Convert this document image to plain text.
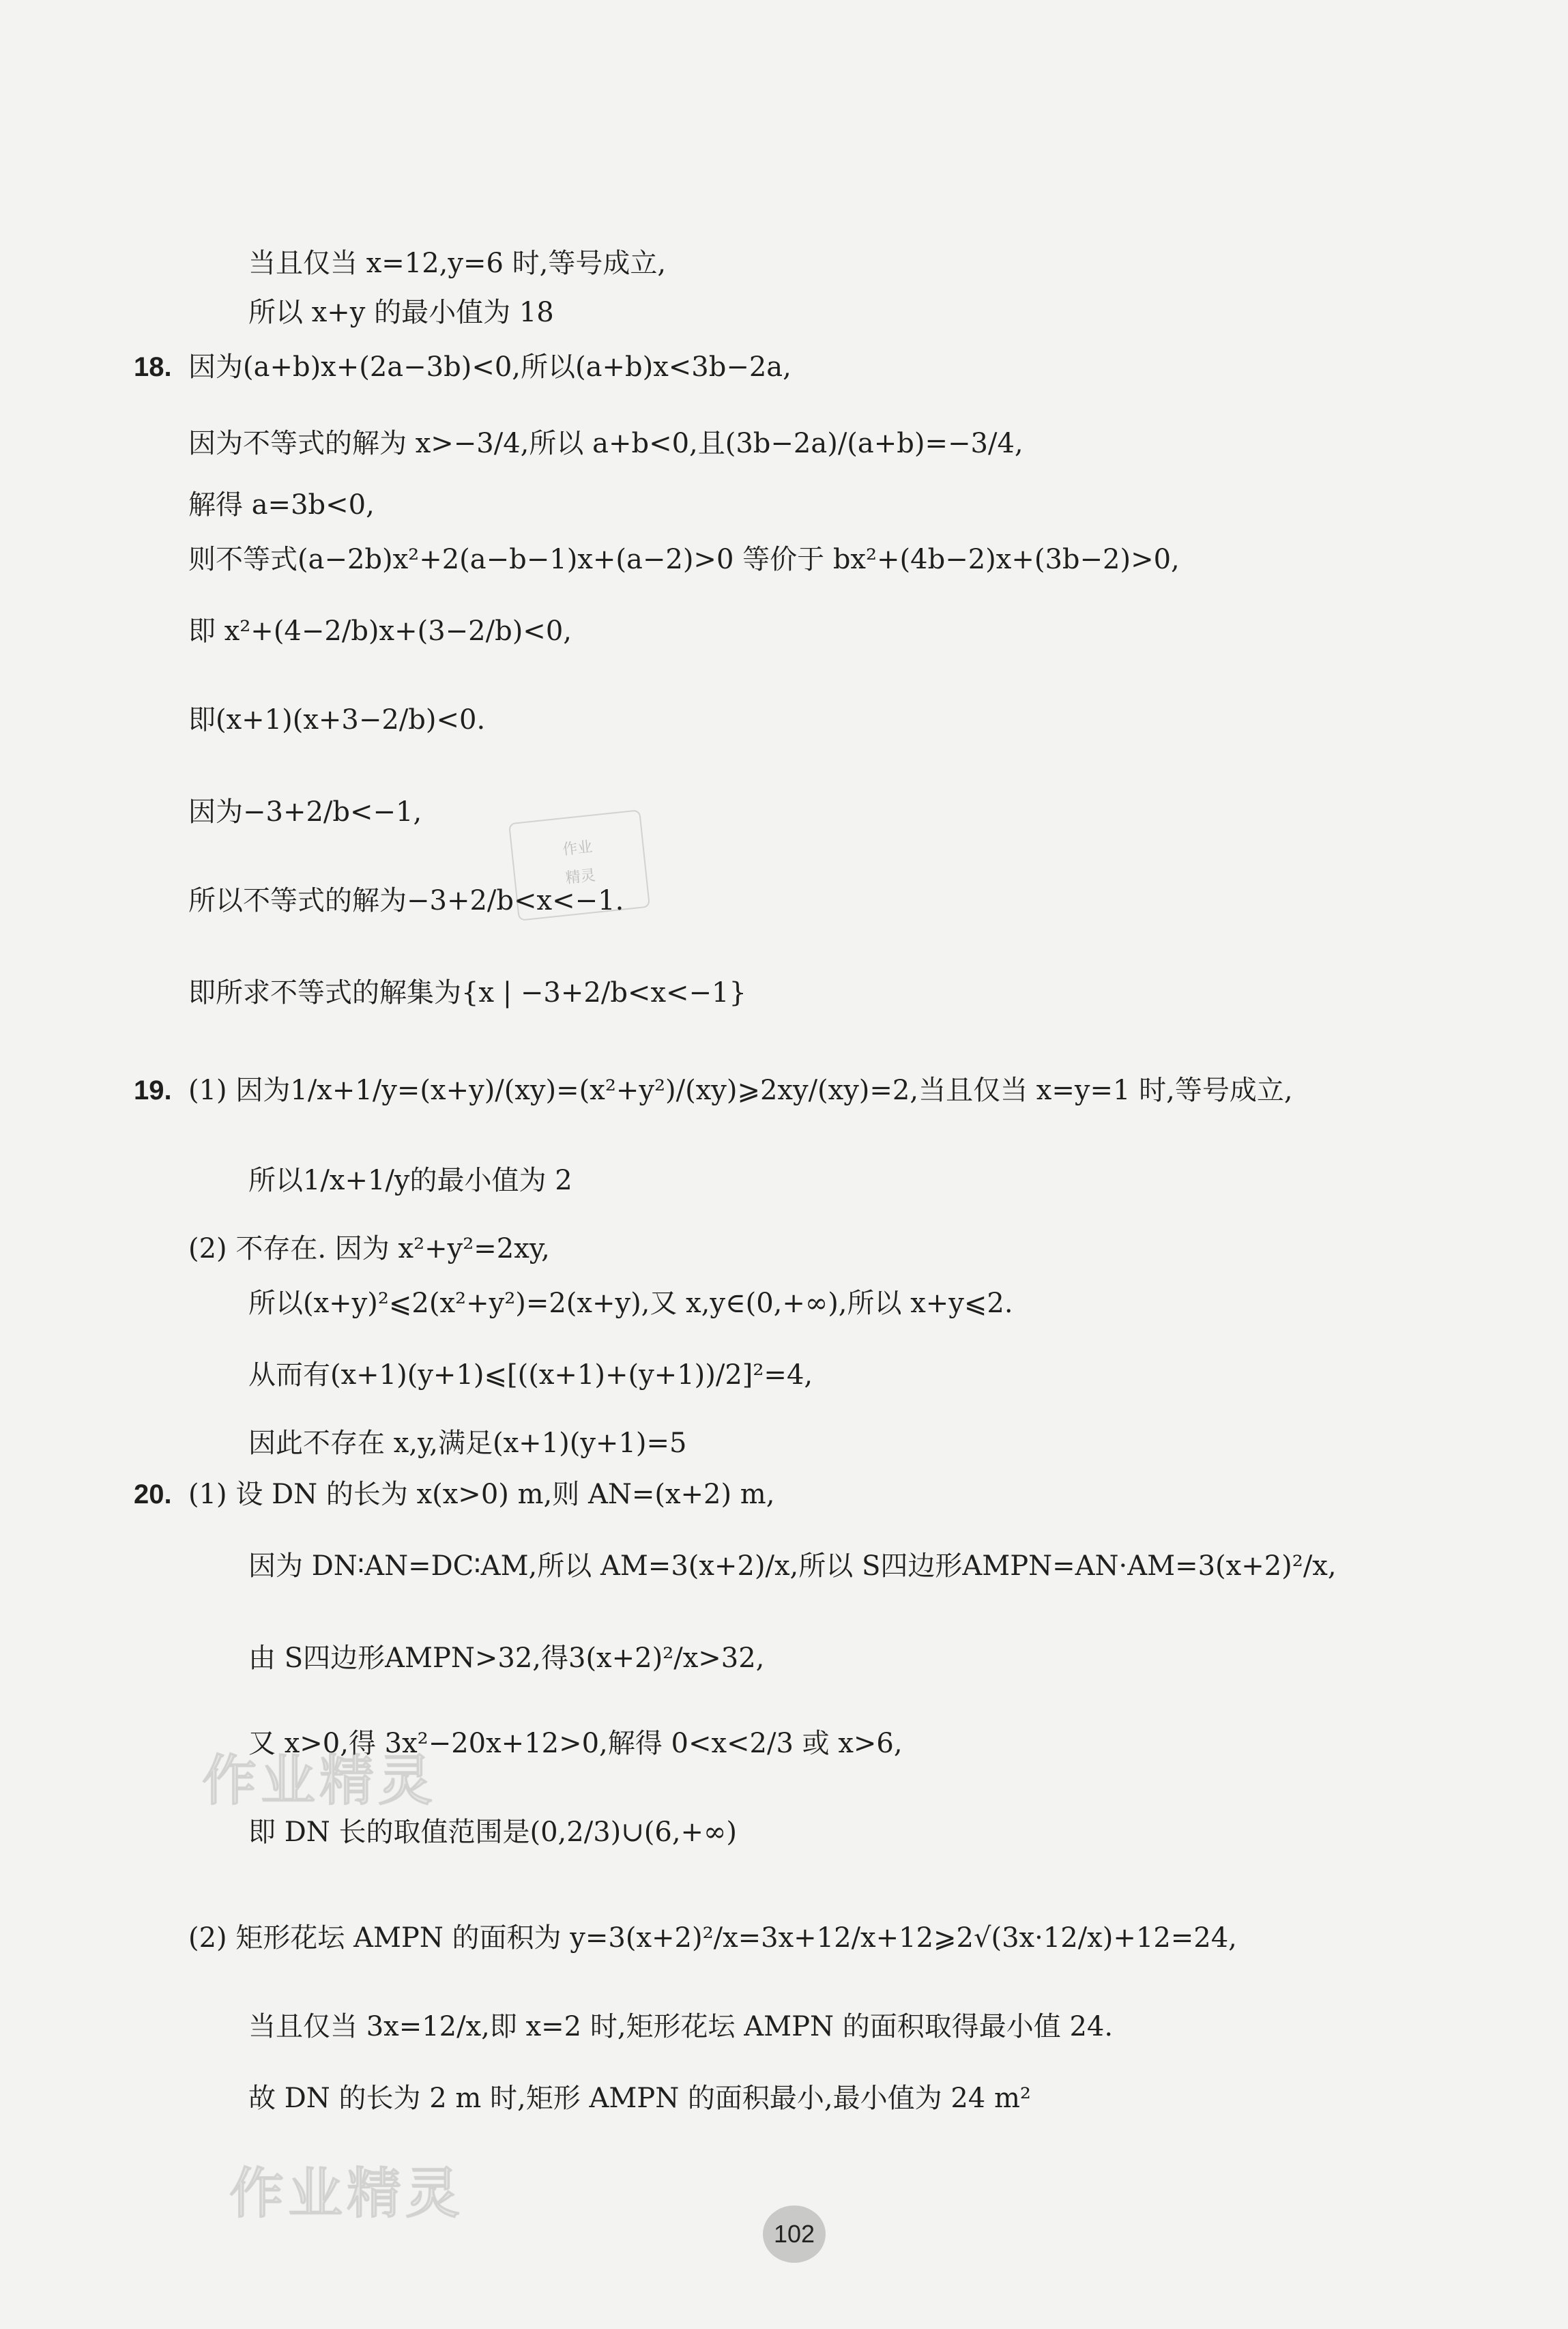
当且仅当 x=12,y=6 时,等号成立,
所以 x+y 的最小值为 18
18. 因为(a+b)x+(2a−3b)<0,所以(a+b)x<3b−2a,
因为不等式的解为 x>−3/4,所以 a+b<0,且(3b−2a)/(a+b)=−3/4,
解得 a=3b<0,
则不等式(a−2b)x²+2(a−b−1)x+(a−2)>0 等价于 bx²+(4b−2)x+(3b−2)>0,
即 x²+(4−2/b)x+(3−2/b)<0,
即(x+1)(x+3−2/b)<0.
因为−3+2/b<−1,
所以不等式的解为−3+2/b<x<−1.
即所求不等式的解集为{x | −3+2/b<x<−1}
作业
精灵
19. (1) 因为1/x+1/y=(x+y)/(xy)=(x²+y²)/(xy)⩾2xy/(xy)=2,当且仅当 x=y=1 时,等号成立,
所以1/x+1/y的最小值为 2
(2) 不存在. 因为 x²+y²=2xy,
所以(x+y)²⩽2(x²+y²)=2(x+y),又 x,y∈(0,+∞),所以 x+y⩽2.
从而有(x+1)(y+1)⩽[((x+1)+(y+1))/2]²=4,
因此不存在 x,y,满足(x+1)(y+1)=5
20. (1) 设 DN 的长为 x(x>0) m,则 AN=(x+2) m,
因为 DN∶AN=DC∶AM,所以 AM=3(x+2)/x,所以 S四边形AMPN=AN·AM=3(x+2)²/x,
由 S四边形AMPN>32,得3(x+2)²/x>32,
又 x>0,得 3x²−20x+12>0,解得 0<x<2/3 或 x>6,
即 DN 长的取值范围是(0,2/3)∪(6,+∞)
作业精灵
(2) 矩形花坛 AMPN 的面积为 y=3(x+2)²/x=3x+12/x+12⩾2√(3x·12/x)+12=24,
当且仅当 3x=12/x,即 x=2 时,矩形花坛 AMPN 的面积取得最小值 24.
故 DN 的长为 2 m 时,矩形 AMPN 的面积最小,最小值为 24 m²
作业精灵
102
